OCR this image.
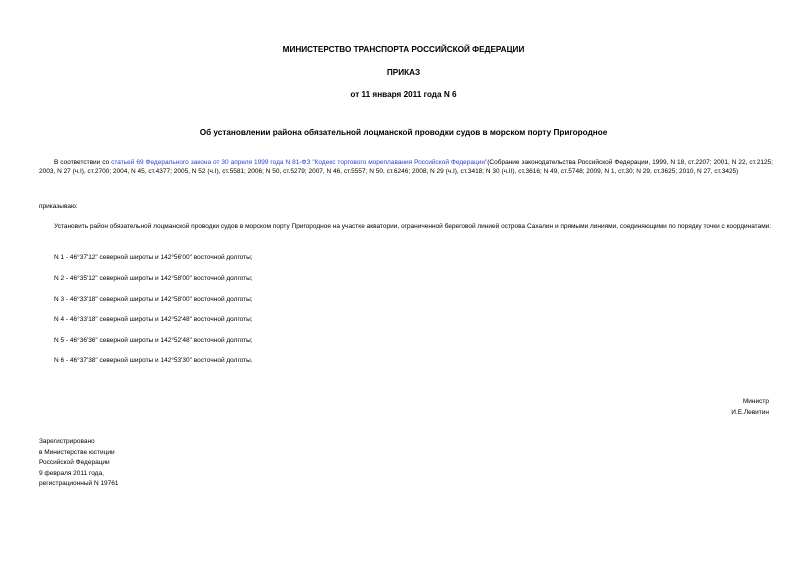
МИНИСТЕРСТВО ТРАНСПОРТА РОССИЙСКОЙ ФЕДЕРАЦИИ
ПРИКАЗ
от 11 января 2011 года N 6
Об установлении района обязательной лоцманской проводки судов в морском порту Пригородное
В соответствии со статьей 69 Федерального закона от 30 апреля 1999 года N 81-ФЗ "Кодекс торгового мореплавания Российской Федерации"(Собрание законодательства Российской Федерации, 1999, N 18, ст.2207; 2001, N 22, ст.2125; 2003, N 27 (ч.I), ст.2700; 2004, N 45, ст.4377; 2005, N 52 (ч.I), ст.5581; 2006; N 50, ст.5279; 2007, N 46, ст.5557; N 50, ст.6246; 2008, N 29 (ч.I), ст.3418; N 30 (ч.II), ст.3616; N 49, ст.5748; 2009, N 1, ст.30; N 29, ст.3625; 2010, N 27, ст.3425)
приказываю:
Установить район обязательной лоцманской проводки судов в морском порту Пригородное на участке акватории, ограниченной береговой линией острова Сахалин и прямыми линиями, соединяющими по порядку точки с координатами:
N 1 - 46°37'12" северной широты и 142°56'00" восточной долготы;
N 2 - 46°35'12" северной широты и 142°58'00" восточной долготы;
N 3 - 46°33'18" северной широты и 142°58'00" восточной долготы;
N 4 - 46°33'18" северной широты и 142°52'48" восточной долготы;
N 5 - 46°36'36" северной широты и 142°52'48" восточной долготы;
N 6 - 46°37'38" северной широты и 142°53'30" восточной долготы.
Министр
И.Е.Левитин
Зарегистрировано
в Министерстве юстиции
Российской Федерации
9 февраля 2011 года,
регистрационный N 19761
